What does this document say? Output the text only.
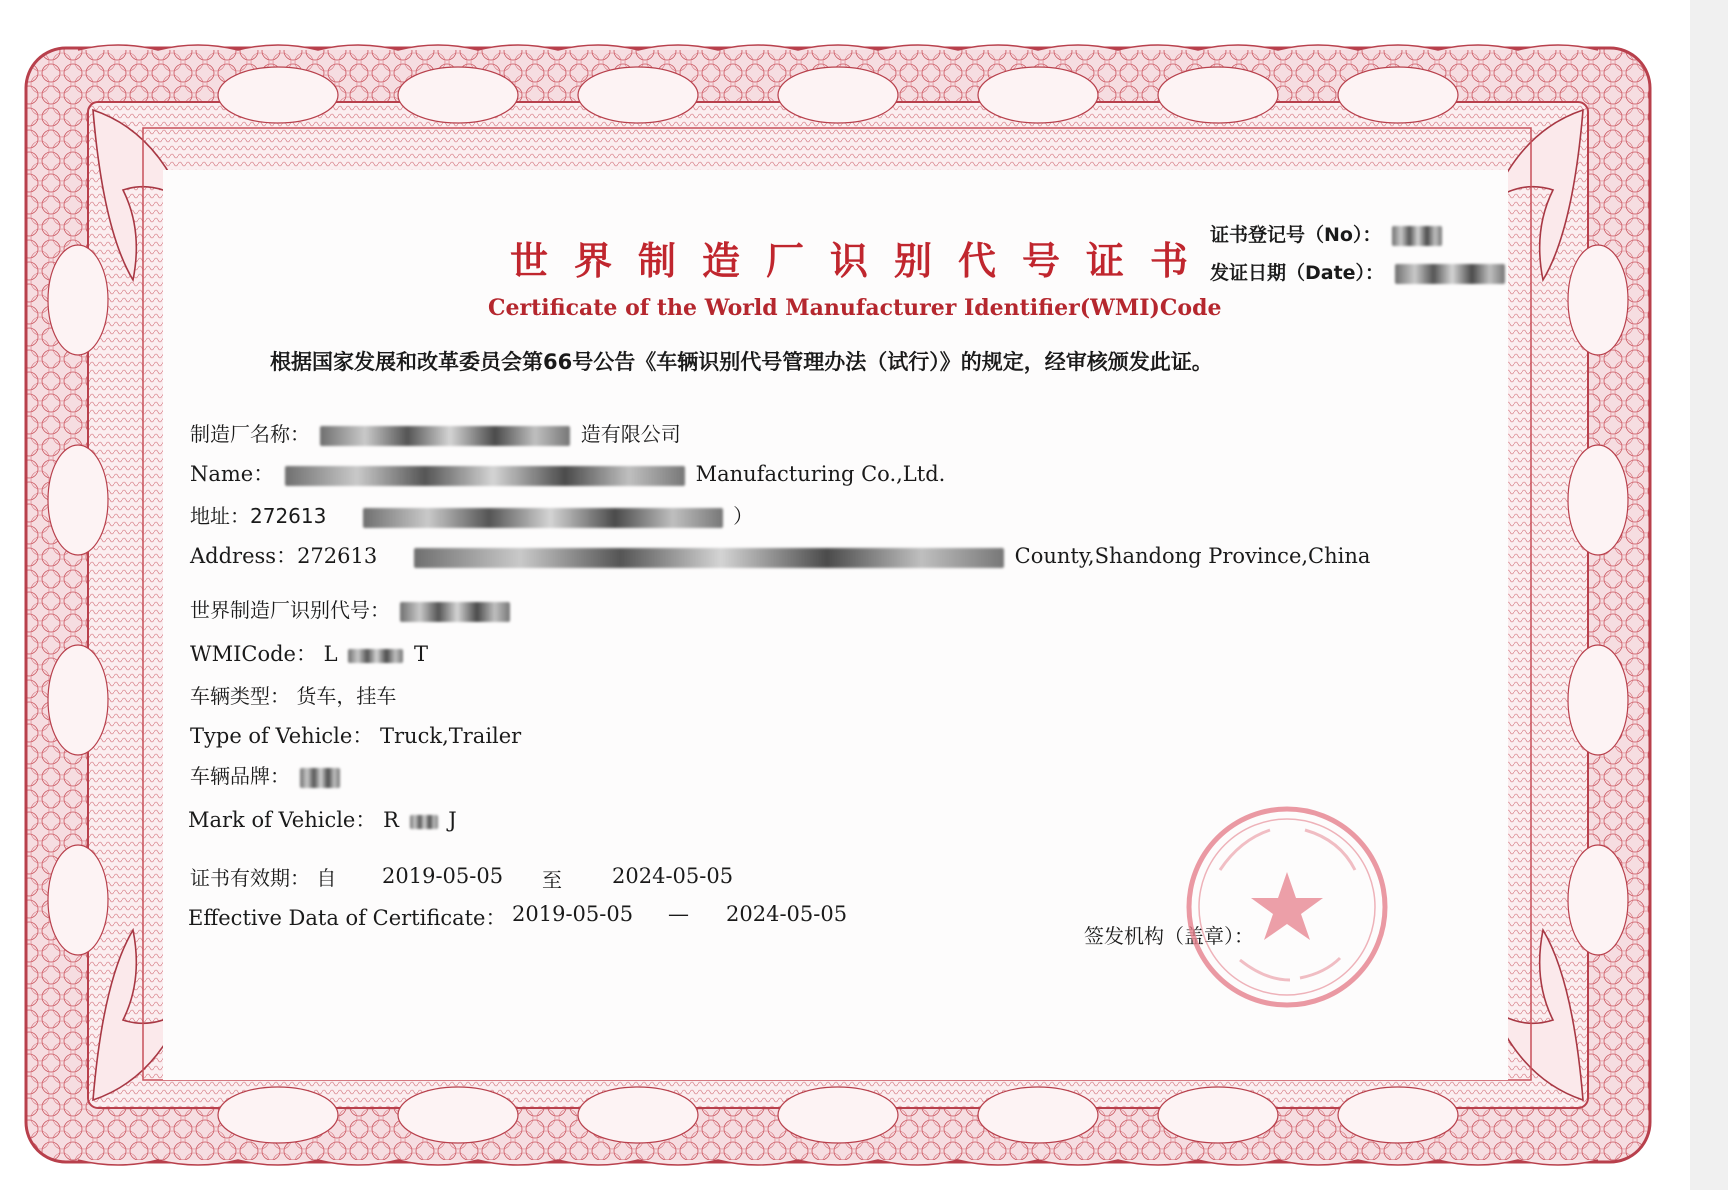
世界制造厂识别代号证书
Certificate of the World Manufacturer Identifier(WMI)Code
证书登记号（No）：
发证日期（Date）：
根据国家发展和改革委员会第66号公告《车辆识别代号管理办法（试行）》的规定，经审核颁发此证。
制造厂名称：	造有限公司
Name：	Manufacturing Co.,Ltd.
地址：272613	）
Address：272613	County,Shandong Province,China
世界制造厂识别代号：
WMICode： L	T
车辆类型： 货车，挂车
Type of Vehicle： Truck,Trailer
车辆品牌：
Mark of Vehicle： R J
证书有效期： 自 2019-05-05 至 2024-05-05
Effective Data of Certificate： 2019-05-05 — 2024-05-05
签发机构（盖章）：
